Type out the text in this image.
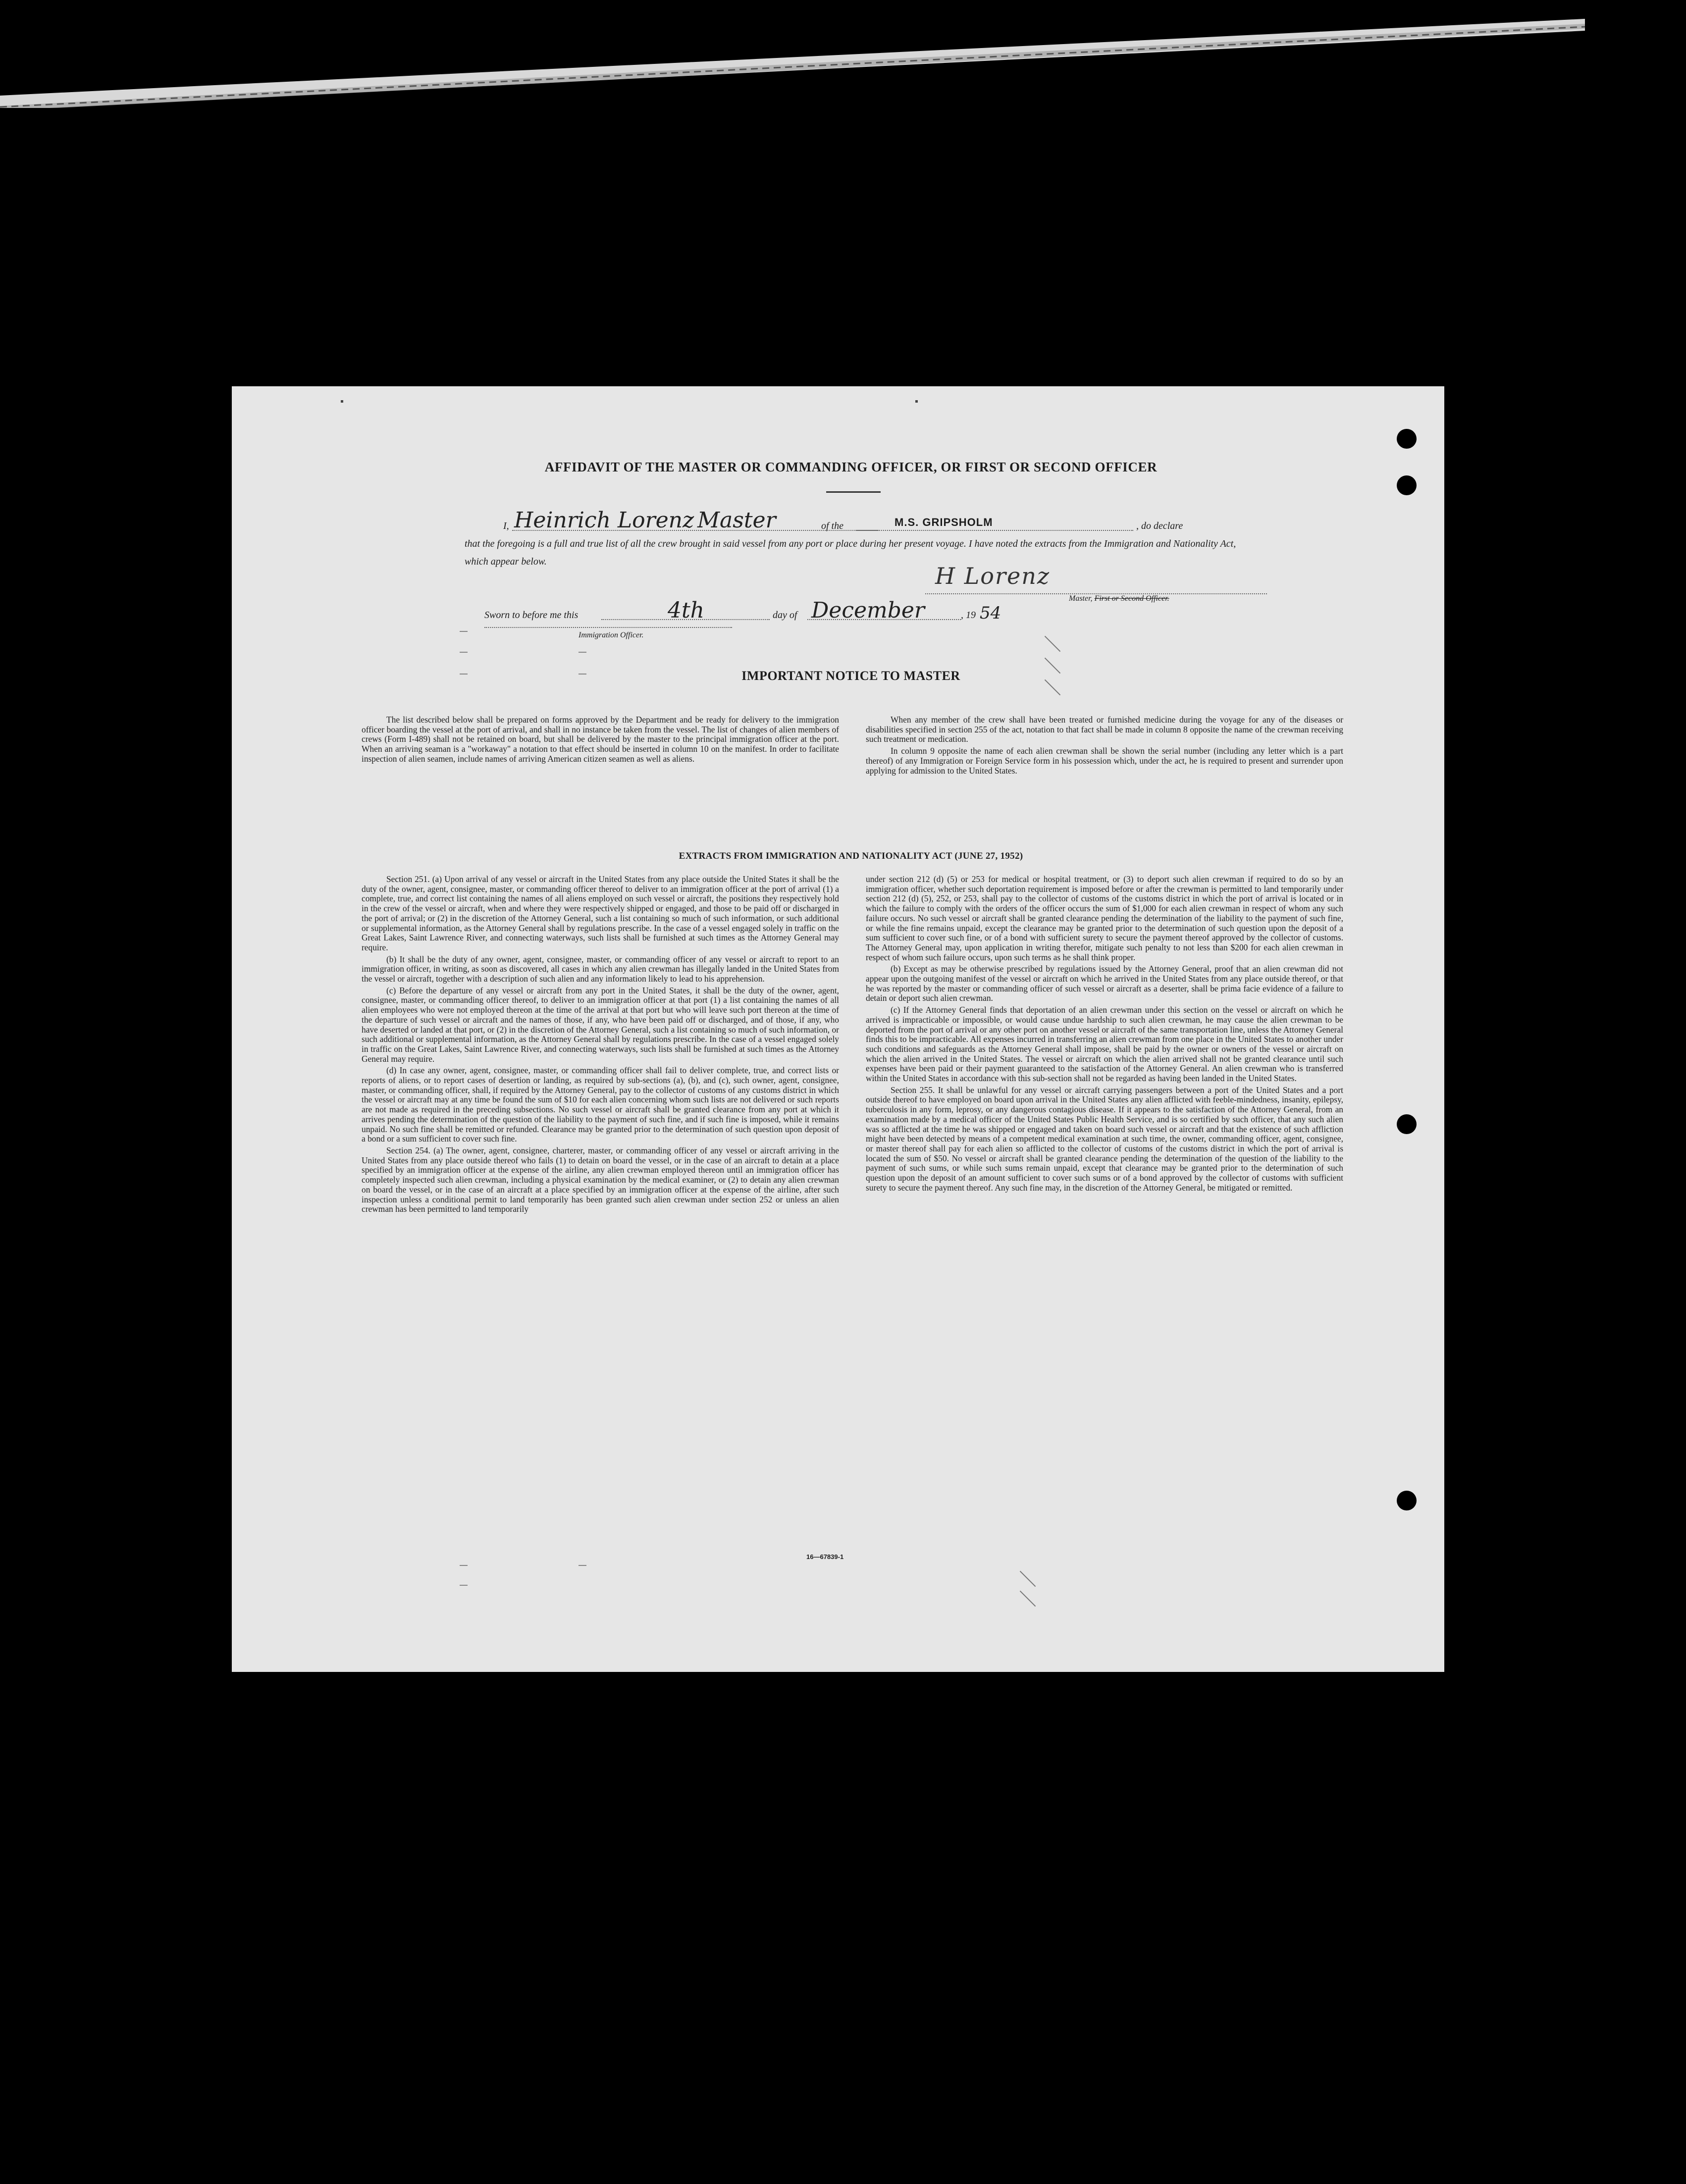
AFFIDAVIT OF THE MASTER OR COMMANDING OFFICER, OR FIRST OR SECOND OFFICER
I, Heinrich Lorenz Master	of the	M.S. GRIPSHOLM	, do declare
that the foregoing is a full and true list of all the crew brought in said vessel from any port or place during her present voyage. I have noted the extracts from the Immigration and Nationality Act, which appear below.
H Lorenz
Master, First or Second Officer.
Sworn to before me this	4th	day of December	, 19 54
Immigration Officer.
IMPORTANT NOTICE TO MASTER

The list described below shall be prepared on forms approved by the Department and be ready for delivery to the immigration officer boarding the vessel at the port of arrival, and shall in no instance be taken from the vessel. The list of changes of alien members of crews (Form I-489) shall not be retained on board, but shall be delivered by the master to the principal immigration officer at the port. When an arriving seaman is a "workaway" a notation to that effect should be inserted in column 10 on the manifest. In order to facilitate inspection of alien seamen, include names of arriving American citizen seamen as well as aliens.

When any member of the crew shall have been treated or furnished medicine during the voyage for any of the diseases or disabilities specified in section 255 of the act, notation to that fact shall be made in column 8 opposite the name of the crewman receiving such treatment or medication.

In column 9 opposite the name of each alien crewman shall be shown the serial number (including any letter which is a part thereof) of any Immigration or Foreign Service form in his possession which, under the act, he is required to present and surrender upon applying for admission to the United States.

EXTRACTS FROM IMMIGRATION AND NATIONALITY ACT (JUNE 27, 1952)

Section 251. (a) Upon arrival of any vessel or aircraft in the United States from any place outside the United States it shall be the duty of the owner, agent, consignee, master, or commanding officer thereof to deliver to an immigration officer at the port of arrival (1) a complete, true, and correct list containing the names of all aliens employed on such vessel or aircraft, the positions they respectively hold in the crew of the vessel or aircraft, when and where they were respectively shipped or engaged, and those to be paid off or discharged in the port of arrival; or (2) in the discretion of the Attorney General, such a list containing so much of such information, or such additional or supplemental information, as the Attorney General shall by regulations prescribe. In the case of a vessel engaged solely in traffic on the Great Lakes, Saint Lawrence River, and connecting waterways, such lists shall be furnished at such times as the Attorney General may require.

(b) It shall be the duty of any owner, agent, consignee, master, or commanding officer of any vessel or aircraft to report to an immigration officer, in writing, as soon as discovered, all cases in which any alien crewman has illegally landed in the United States from the vessel or aircraft, together with a description of such alien and any information likely to lead to his apprehension.

(c) Before the departure of any vessel or aircraft from any port in the United States, it shall be the duty of the owner, agent, consignee, master, or commanding officer thereof, to deliver to an immigration officer at that port (1) a list containing the names of all alien employees who were not employed thereon at the time of the arrival at that port but who will leave such port thereon at the time of the departure of such vessel or aircraft and the names of those, if any, who have been paid off or discharged, and of those, if any, who have deserted or landed at that port, or (2) in the discretion of the Attorney General, such a list containing so much of such information, or such additional or supplemental information, as the Attorney General shall by regulations prescribe. In the case of a vessel engaged solely in traffic on the Great Lakes, Saint Lawrence River, and connecting waterways, such lists shall be furnished at such times as the Attorney General may require.

(d) In case any owner, agent, consignee, master, or commanding officer shall fail to deliver complete, true, and correct lists or reports of aliens, or to report cases of desertion or landing, as required by sub-sections (a), (b), and (c), such owner, agent, consignee, master, or commanding officer, shall, if required by the Attorney General, pay to the collector of customs of any customs district in which the vessel or aircraft may at any time be found the sum of $10 for each alien concerning whom such lists are not delivered or such reports are not made as required in the preceding subsections. No such vessel or aircraft shall be granted clearance from any port at which it arrives pending the determination of the question of the liability to the payment of such fine, and if such fine is imposed, while it remains unpaid. No such fine shall be remitted or refunded. Clearance may be granted prior to the determination of such question upon deposit of a bond or a sum sufficient to cover such fine.

Section 254. (a) The owner, agent, consignee, charterer, master, or commanding officer of any vessel or aircraft arriving in the United States from any place outside thereof who fails (1) to detain on board the vessel, or in the case of an aircraft to detain at a place specified by an immigration officer at the expense of the airline, any alien crewman employed thereon until an immigration officer has completely inspected such alien crewman, including a physical examination by the medical examiner, or (2) to detain any alien crewman on board the vessel, or in the case of an aircraft at a place specified by an immigration officer at the expense of the airline, after such inspection unless a conditional permit to land temporarily has been granted such alien crewman under section 252 or unless an alien crewman has been permitted to land temporarily

under section 212 (d) (5) or 253 for medical or hospital treatment, or (3) to deport such alien crewman if required to do so by an immigration officer, whether such deportation requirement is imposed before or after the crewman is permitted to land temporarily under section 212 (d) (5), 252, or 253, shall pay to the collector of customs of the customs district in which the port of arrival is located or in which the failure to comply with the orders of the officer occurs the sum of $1,000 for each alien crewman in respect of whom any such failure occurs. No such vessel or aircraft shall be granted clearance pending the determination of the liability to the payment of such fine, or while the fine remains unpaid, except the clearance may be granted prior to the determination of such question upon the deposit of a sum sufficient to cover such fine, or of a bond with sufficient surety to secure the payment thereof approved by the collector of customs. The Attorney General may, upon application in writing therefor, mitigate such penalty to not less than $200 for each alien crewman in respect of whom such failure occurs, upon such terms as he shall think proper.

(b) Except as may be otherwise prescribed by regulations issued by the Attorney General, proof that an alien crewman did not appear upon the outgoing manifest of the vessel or aircraft on which he arrived in the United States from any place outside thereof, or that he was reported by the master or commanding officer of such vessel or aircraft as a deserter, shall be prima facie evidence of a failure to detain or deport such alien crewman.

(c) If the Attorney General finds that deportation of an alien crewman under this section on the vessel or aircraft on which he arrived is impracticable or impossible, or would cause undue hardship to such alien crewman, he may cause the alien crewman to be deported from the port of arrival or any other port on another vessel or aircraft of the same transportation line, unless the Attorney General finds this to be impracticable. All expenses incurred in transferring an alien crewman from one place in the United States to another under such conditions and safeguards as the Attorney General shall impose, shall be paid by the owner or owners of the vessel or aircraft on which the alien arrived in the United States. The vessel or aircraft on which the alien arrived shall not be granted clearance until such expenses have been paid or their payment guaranteed to the satisfaction of the Attorney General. An alien crewman who is transferred within the United States in accordance with this sub-section shall not be regarded as having been landed in the United States.

Section 255. It shall be unlawful for any vessel or aircraft carrying passengers between a port of the United States and a port outside thereof to have employed on board upon arrival in the United States any alien afflicted with feeble-mindedness, insanity, epilepsy, tuberculosis in any form, leprosy, or any dangerous contagious disease. If it appears to the satisfaction of the Attorney General, from an examination made by a medical officer of the United States Public Health Service, and is so certified by such officer, that any such alien was so afflicted at the time he was shipped or engaged and taken on board such vessel or aircraft and that the existence of such affliction might have been detected by means of a competent medical examination at such time, the owner, commanding officer, agent, consignee, or master thereof shall pay for each alien so afflicted to the collector of customs of the customs district in which the port of arrival is located the sum of $50. No vessel or aircraft shall be granted clearance pending the determination of the question of the liability to the payment of such sums, or while such sums remain unpaid, except that clearance may be granted prior to the determination of such question upon the deposit of an amount sufficient to cover such sums or of a bond approved by the collector of customs with sufficient surety to secure the payment thereof. Any such fine may, in the discretion of the Attorney General, be mitigated or remitted.

16—67839-1
